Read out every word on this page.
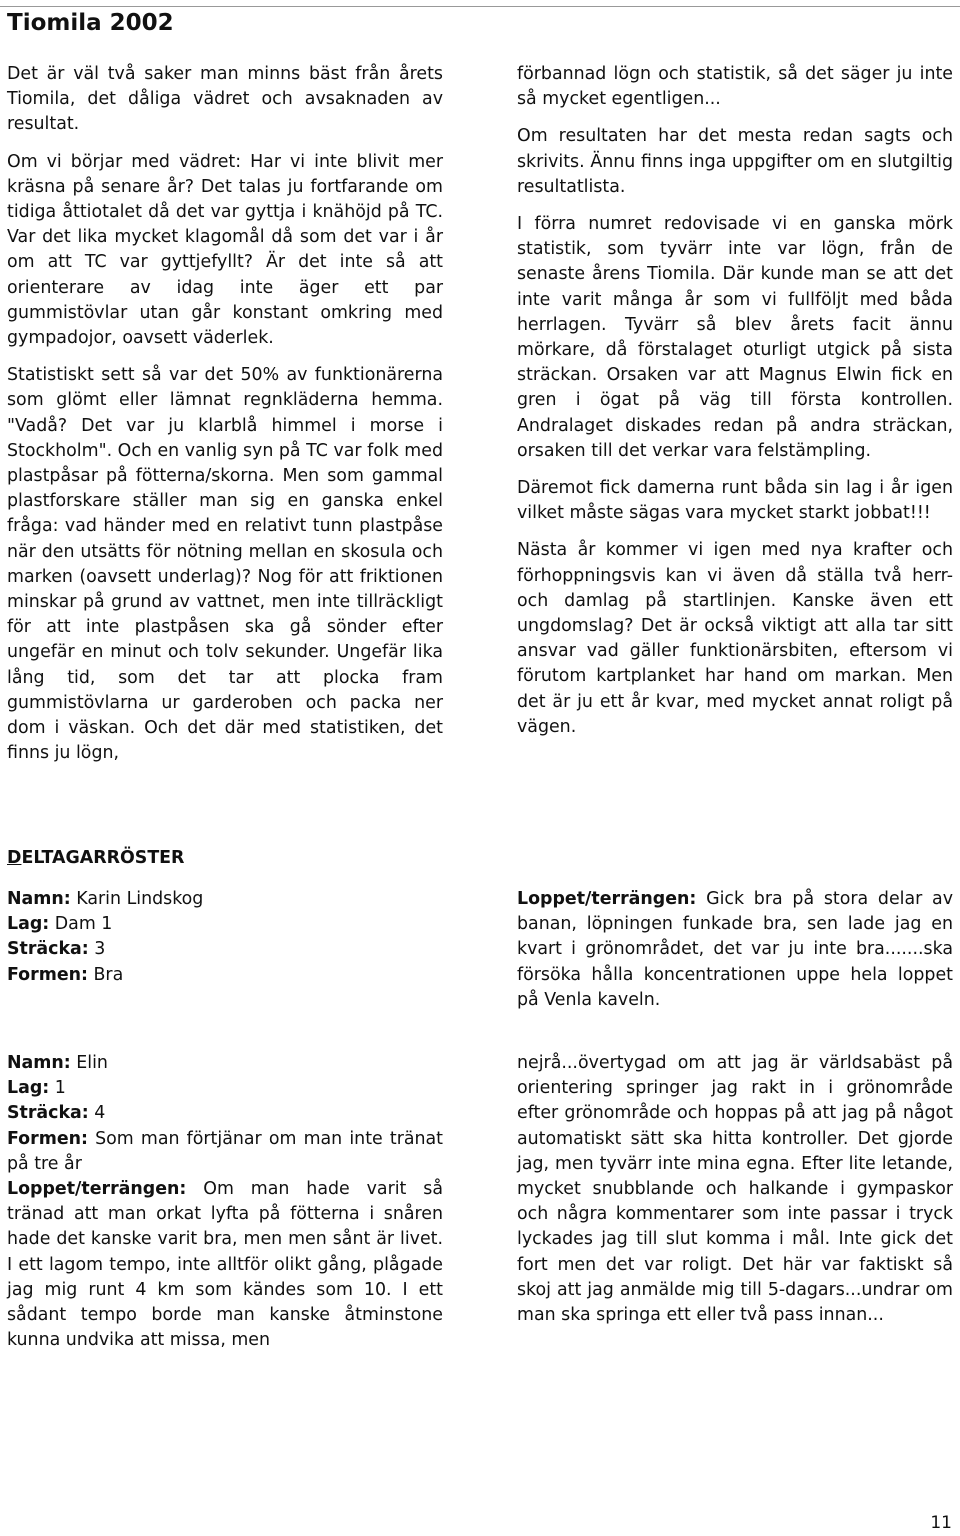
Tiomila 2002

Det är väl två saker man minns bäst från årets Tiomila, det dåliga vädret och avsaknaden av resultat.

Om vi börjar med vädret: Har vi inte blivit mer kräsna på senare år? Det talas ju fortfarande om tidiga åttiotalet då det var gyttja i knähöjd på TC. Var det lika mycket klagomål då som det var i år om att TC var gyttjefyllt? Är det inte så att orienterare av idag inte äger ett par gummistövlar utan går konstant omkring med gympadojor, oavsett väderlek.

Statistiskt sett så var det 50% av funktionärerna som glömt eller lämnat regnkläderna hemma. "Vadå? Det var ju klarblå himmel i morse i Stockholm". Och en vanlig syn på TC var folk med plastpåsar på fötterna/skorna. Men som gammal plastforskare ställer man sig en ganska enkel fråga: vad händer med en relativt tunn plastpåse när den utsätts för nötning mellan en skosula och marken (oavsett underlag)? Nog för att friktionen minskar på grund av vattnet, men inte tillräckligt för att inte plastpåsen ska gå sönder efter ungefär en minut och tolv sekunder. Ungefär lika lång tid, som det tar att plocka fram gummistövlarna ur garderoben och packa ner dom i väskan. Och det där med statistiken, det finns ju lögn,

förbannad lögn och statistik, så det säger ju inte så mycket egentligen...

Om resultaten har det mesta redan sagts och skrivits. Ännu finns inga uppgifter om en slutgiltig resultatlista.

I förra numret redovisade vi en ganska mörk statistik, som tyvärr inte var lögn, från de senaste årens Tiomila. Där kunde man se att det inte varit många år som vi fullföljt med båda herrlagen. Tyvärr så blev årets facit ännu mörkare, då förstalaget oturligt utgick på sista sträckan. Orsaken var att Magnus Elwin fick en gren i ögat på väg till första kontrollen. Andralaget diskades redan på andra sträckan, orsaken till det verkar vara felstämpling.

Däremot fick damerna runt båda sin lag i år igen vilket måste sägas vara mycket starkt jobbat!!!

Nästa år kommer vi igen med nya krafter och förhoppningsvis kan vi även då ställa två herr- och damlag på startlinjen. Kanske även ett ungdomslag? Det är också viktigt att alla tar sitt ansvar vad gäller funktionärsbiten, eftersom vi förutom kartplanket har hand om markan. Men det är ju ett år kvar, med mycket annat roligt på vägen.

DELTAGARRÖSTER
Namn: Karin Lindskog
Lag: Dam 1
Sträcka: 3
Formen: Bra

Loppet/terrängen: Gick bra på stora delar av banan, löpningen funkade bra, sen lade jag en kvart i grönområdet, det var ju inte bra.......ska försöka hålla koncentrationen uppe hela loppet på Venla kaveln.

Namn: Elin
Lag: 1
Sträcka: 4

Formen: Som man förtjänar om man inte tränat på tre år

Loppet/terrängen: Om man hade varit så tränad att man orkat lyfta på fötterna i snåren hade det kanske varit bra, men men sånt är livet. I ett lagom tempo, inte alltför olikt gång, plågade jag mig runt 4 km som kändes som 10. I ett sådant tempo borde man kanske åtminstone kunna undvika att missa, men

nejrå...övertygad om att jag är världsabäst på orientering springer jag rakt in i grönområde efter grönområde och hoppas på att jag på något automatiskt sätt ska hitta kontroller. Det gjorde jag, men tyvärr inte mina egna. Efter lite letande, mycket snubblande och halkande i gympaskor och några kommentarer som inte passar i tryck lyckades jag till slut komma i mål. Inte gick det fort men det var roligt. Det här var faktiskt så skoj att jag anmälde mig till 5-dagars...undrar om man ska springa ett eller två pass innan...

11
